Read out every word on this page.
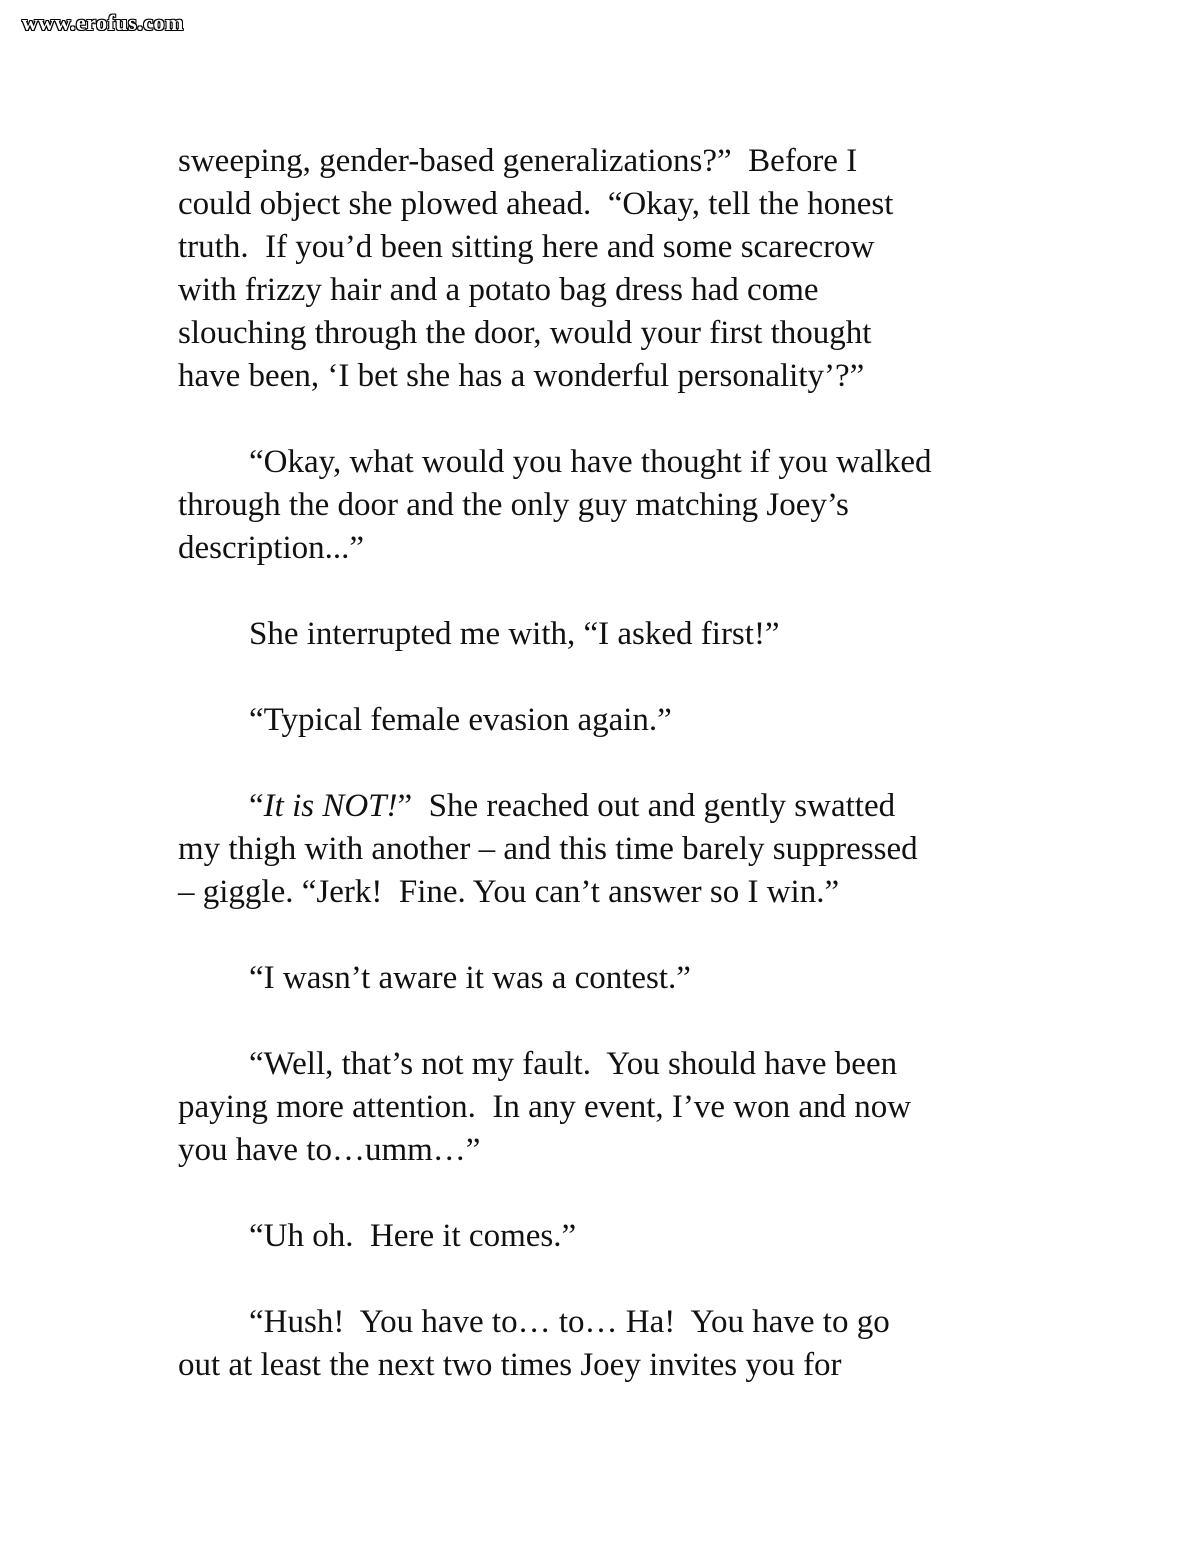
www.erofus.com
sweeping, gender-based generalizations?”  Before I
could object she plowed ahead.  “Okay, tell the honest
truth.  If you’d been sitting here and some scarecrow
with frizzy hair and a potato bag dress had come
slouching through the door, would your first thought
have been, ‘I bet she has a wonderful personality’?”
“Okay, what would you have thought if you walked
through the door and the only guy matching Joey’s
description...”
She interrupted me with, “I asked first!”
“Typical female evasion again.”
“It is NOT!”  She reached out and gently swatted
my thigh with another – and this time barely suppressed
– giggle. “Jerk!  Fine. You can’t answer so I win.”
“I wasn’t aware it was a contest.”
“Well, that’s not my fault.  You should have been
paying more attention.  In any event, I’ve won and now
you have to…umm…”
“Uh oh.  Here it comes.”
“Hush!  You have to… to… Ha!  You have to go
out at least the next two times Joey invites you for
